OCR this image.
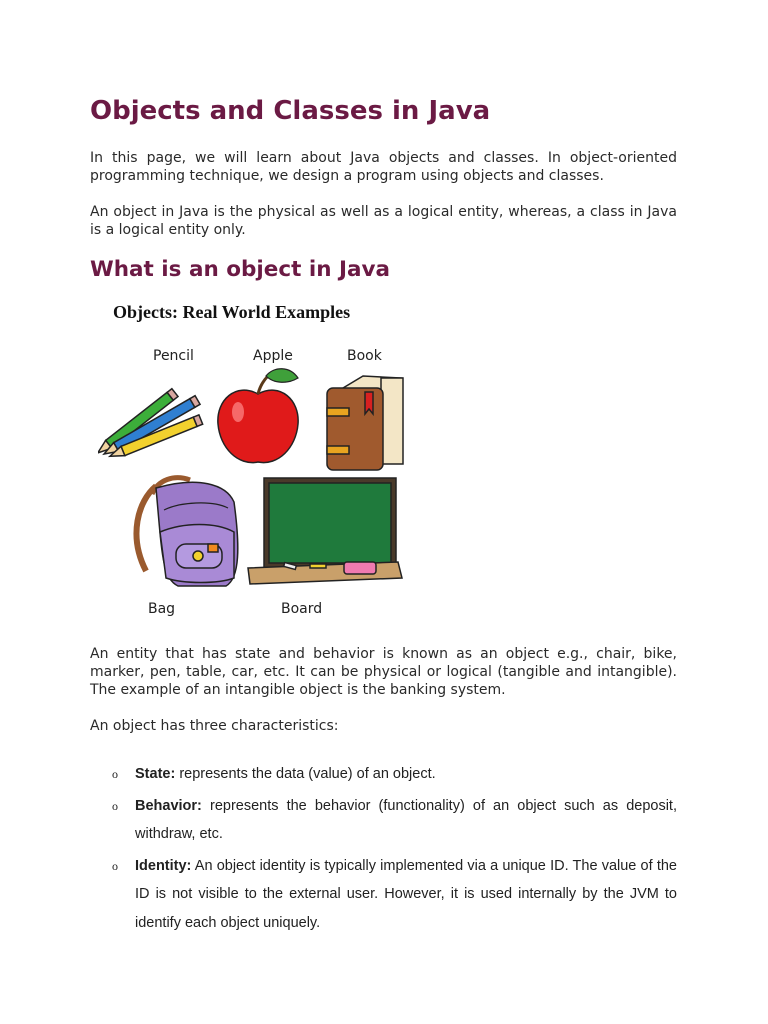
Objects and Classes in Java

In this page, we will learn about Java objects and classes. In object-oriented programming technique, we design a program using objects and classes.

An object in Java is the physical as well as a logical entity, whereas, a class in Java is a logical entity only.

What is an object in Java
Objects: Real World Examples
Pencil	Apple	Book
Bag	Board

An entity that has state and behavior is known as an object e.g., chair, bike, marker, pen, table, car, etc. It can be physical or logical (tangible and intangible). The example of an intangible object is the banking system.

An object has three characteristics:

o State: represents the data (value) of an object.
o Behavior: represents the behavior (functionality) of an object such as deposit, withdraw, etc.
o Identity: An object identity is typically implemented via a unique ID. The value of the ID is not visible to the external user. However, it is used internally by the JVM to identify each object uniquely.
